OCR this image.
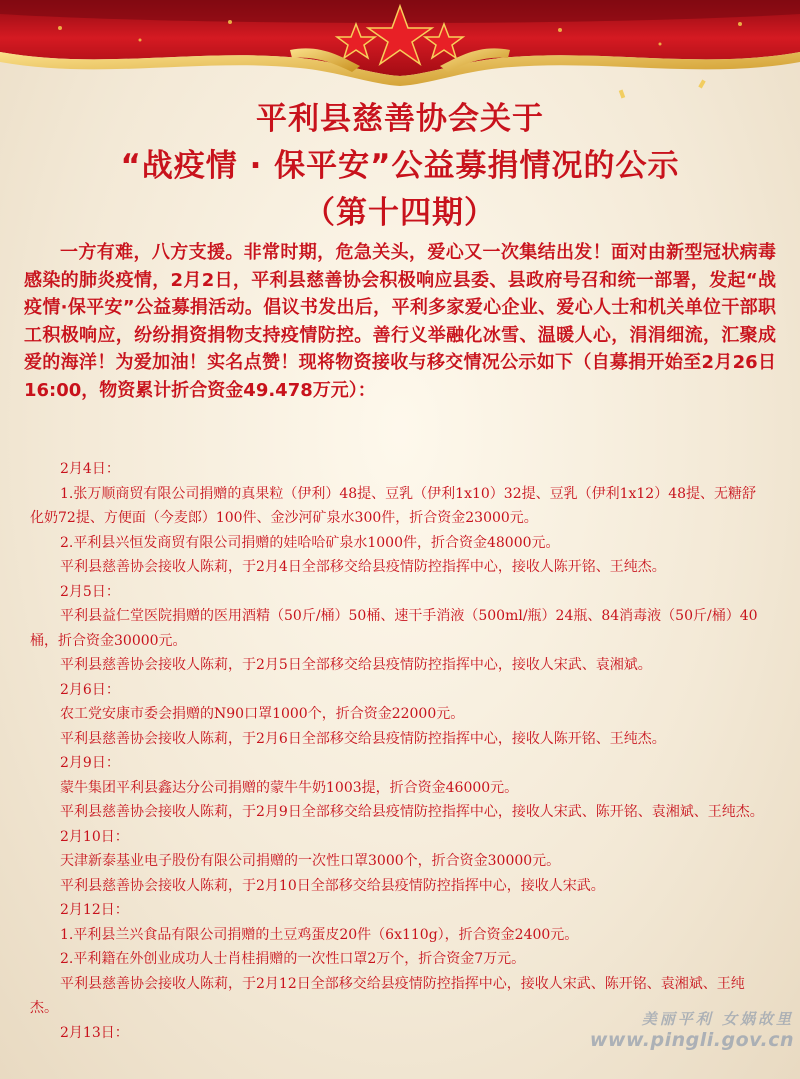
平利县慈善协会关于
“战疫情 · 保平安”公益募捐情况的公示
（第十四期）
一方有难，八方支援。非常时期，危急关头，爱心又一次集结出发！面对由新型冠状病毒感染的肺炎疫情，2月2日，平利县慈善协会积极响应县委、县政府号召和统一部署，发起“战疫情·保平安”公益募捐活动。倡议书发出后，平利多家爱心企业、爱心人士和机关单位干部职工积极响应，纷纷捐资捐物支持疫情防控。善行义举融化冰雪、温暖人心，涓涓细流，汇聚成爱的海洋！为爱加油！实名点赞！现将物资接收与移交情况公示如下（自募捐开始至2月26日16:00，物资累计折合资金49.478万元）：

2月4日：

1.张万顺商贸有限公司捐赠的真果粒（伊利）48提、豆乳（伊利1x10）32提、豆乳（伊利1x12）48提、无糖舒化奶72提、方便面（今麦郎）100件、金沙河矿泉水300件，折合资金23000元。

2.平利县兴恒发商贸有限公司捐赠的娃哈哈矿泉水1000件，折合资金48000元。

平利县慈善协会接收人陈莉，于2月4日全部移交给县疫情防控指挥中心，接收人陈开铭、王纯杰。

2月5日：

平利县益仁堂医院捐赠的医用酒精（50斤/桶）50桶、速干手消液（500ml/瓶）24瓶、84消毒液（50斤/桶）40桶，折合资金30000元。

平利县慈善协会接收人陈莉，于2月5日全部移交给县疫情防控指挥中心，接收人宋武、袁湘斌。

2月6日：

农工党安康市委会捐赠的N90口罩1000个，折合资金22000元。

平利县慈善协会接收人陈莉，于2月6日全部移交给县疫情防控指挥中心，接收人陈开铭、王纯杰。

2月9日：

蒙牛集团平利县鑫达分公司捐赠的蒙牛牛奶1003提，折合资金46000元。

平利县慈善协会接收人陈莉，于2月9日全部移交给县疫情防控指挥中心，接收人宋武、陈开铭、袁湘斌、王纯杰。

2月10日：

天津新泰基业电子股份有限公司捐赠的一次性口罩3000个，折合资金30000元。

平利县慈善协会接收人陈莉，于2月10日全部移交给县疫情防控指挥中心，接收人宋武。

2月12日：

1.平利县兰兴食品有限公司捐赠的土豆鸡蛋皮20件（6x110g），折合资金2400元。

2.平利籍在外创业成功人士肖桂捐赠的一次性口罩2万个，折合资金7万元。

平利县慈善协会接收人陈莉，于2月12日全部移交给县疫情防控指挥中心，接收人宋武、陈开铭、袁湘斌、王纯杰。

2月13日：

美丽平利 女娲故里
www.pingli.gov.cn
